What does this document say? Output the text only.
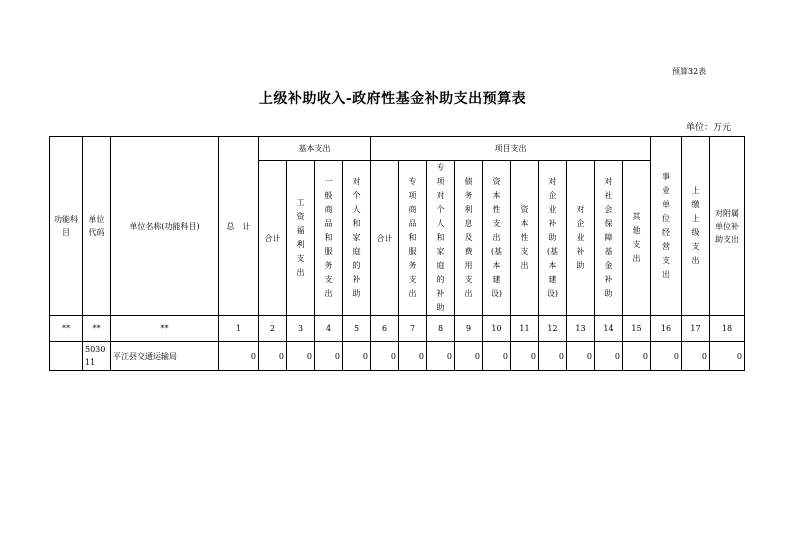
预算32表
上级补助收入-政府性基金补助支出预算表
单位：万元
功能科目	单位代码	单位名称(功能科目)	总　计	基本支出				项目支出										事业单位经营支出	上缴上级支出	对附属单位补助支出
				合计	工资福利支出	一般商品和服务支出	对个人和家庭的补助	合计	专项商品和服务支出	专项对个人和家庭的补助	债务利息及费用支出	资本性支出(基本建设)	资本性支出	对企业补助(基本建设)	对企业补助	对社会保障基金补助	其他支出			
**	**	**	1	2	3	4	5	6	7	8	9	10	11	12	13	14	15	16	17	18
	503011	平江县交通运输局	0	0	0	0	0	0	0	0	0	0	0	0	0	0	0	0	0	0
